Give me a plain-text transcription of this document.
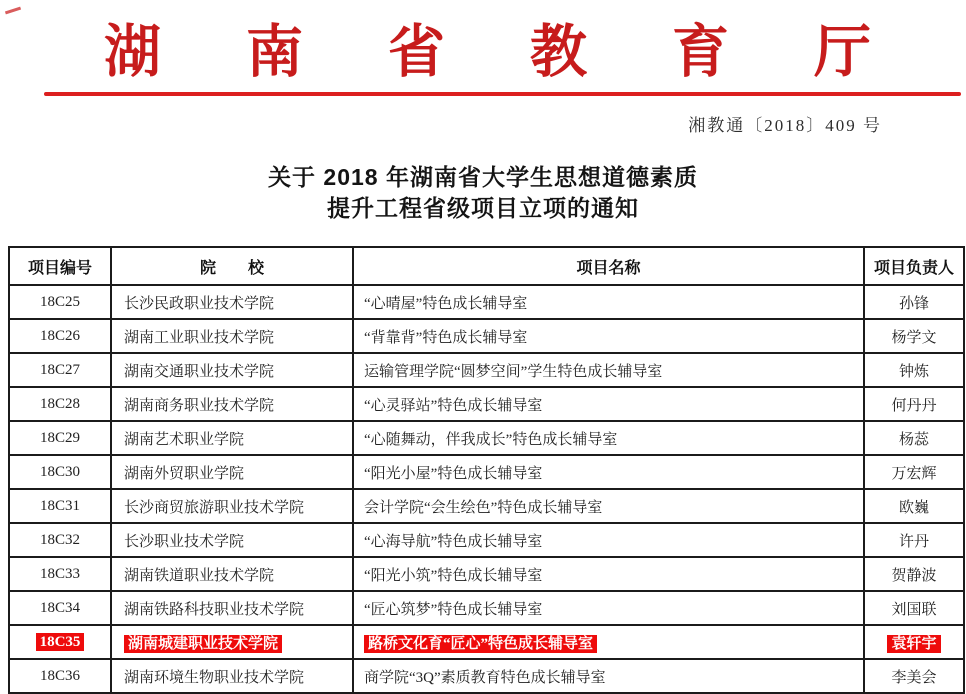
湖南省教育厅
湘教通〔2018〕409 号
关于 2018 年湖南省大学生思想道德素质
提升工程省级项目立项的通知
项目编号	院　　校	项目名称	项目负责人
18C25	长沙民政职业技术学院	“心晴屋”特色成长辅导室	孙锋
18C26	湖南工业职业技术学院	“背靠背”特色成长辅导室	杨学文
18C27	湖南交通职业技术学院	运输管理学院“圆梦空间”学生特色成长辅导室	钟炼
18C28	湖南商务职业技术学院	“心灵驿站”特色成长辅导室	何丹丹
18C29	湖南艺术职业学院	“心随舞动，伴我成长”特色成长辅导室	杨蕊
18C30	湖南外贸职业学院	“阳光小屋”特色成长辅导室	万宏辉
18C31	长沙商贸旅游职业技术学院	会计学院“会生绘色”特色成长辅导室	欧巍
18C32	长沙职业技术学院	“心海导航”特色成长辅导室	许丹
18C33	湖南铁道职业技术学院	“阳光小筑”特色成长辅导室	贺静波
18C34	湖南铁路科技职业技术学院	“匠心筑梦”特色成长辅导室	刘国联
18C35	湖南城建职业技术学院	路桥文化育“匠心”特色成长辅导室	袁轩宇
18C36	湖南环境生物职业技术学院	商学院“3Q”素质教育特色成长辅导室	李美会
